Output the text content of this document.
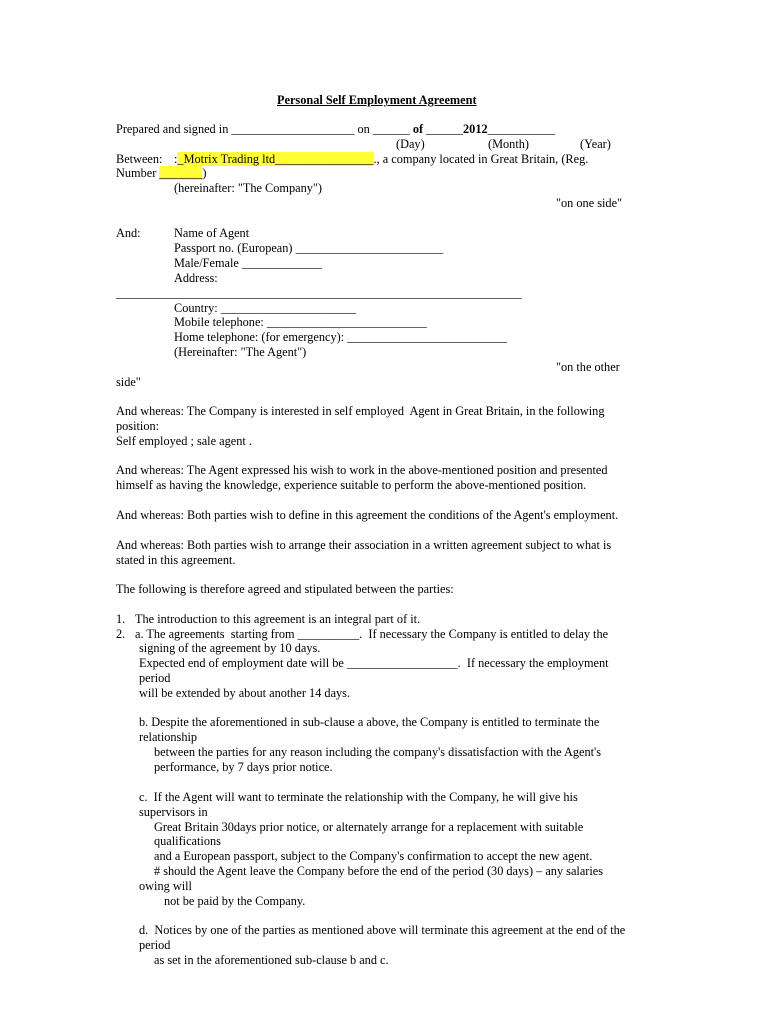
Personal Self Employment Agreement
Prepared and signed in ____________________ on ______ of ______2012___________
(Day)	(Month)	(Year)
Between: :_Motrix Trading ltd________________., a company located in Great Britain, (Reg.
Number _______)
(hereinafter: "The Company")
"on one side"
And:	Name of Agent
Passport no. (European) ________________________
Male/Female _____________
Address:
__________________________________________________________________
Country: ______________________
Mobile telephone: __________________________
Home telephone: (for emergency): __________________________
(Hereinafter: "The Agent")
"on the other
side"
And whereas: The Company is interested in self employed  Agent in Great Britain, in the following
position:
Self employed ; sale agent .
And whereas: The Agent expressed his wish to work in the above-mentioned position and presented
himself as having the knowledge, experience suitable to perform the above-mentioned position.
And whereas: Both parties wish to define in this agreement the conditions of the Agent's employment.
And whereas: Both parties wish to arrange their association in a written agreement subject to what is
stated in this agreement.
The following is therefore agreed and stipulated between the parties:
1. The introduction to this agreement is an integral part of it.
2. a. The agreements  starting from __________.  If necessary the Company is entitled to delay the
signing of the agreement by 10 days.
Expected end of employment date will be __________________.  If necessary the employment
period
will be extended by about another 14 days.
b. Despite the aforementioned in sub-clause a above, the Company is entitled to terminate the
relationship
between the parties for any reason including the company's dissatisfaction with the Agent's
performance, by 7 days prior notice.
c.  If the Agent will want to terminate the relationship with the Company, he will give his
supervisors in
Great Britain 30days prior notice, or alternately arrange for a replacement with suitable
qualifications
and a European passport, subject to the Company's confirmation to accept the new agent.
# should the Agent leave the Company before the end of the period (30 days) – any salaries
owing will
not be paid by the Company.
d.  Notices by one of the parties as mentioned above will terminate this agreement at the end of the
period
as set in the aforementioned sub-clause b and c.
